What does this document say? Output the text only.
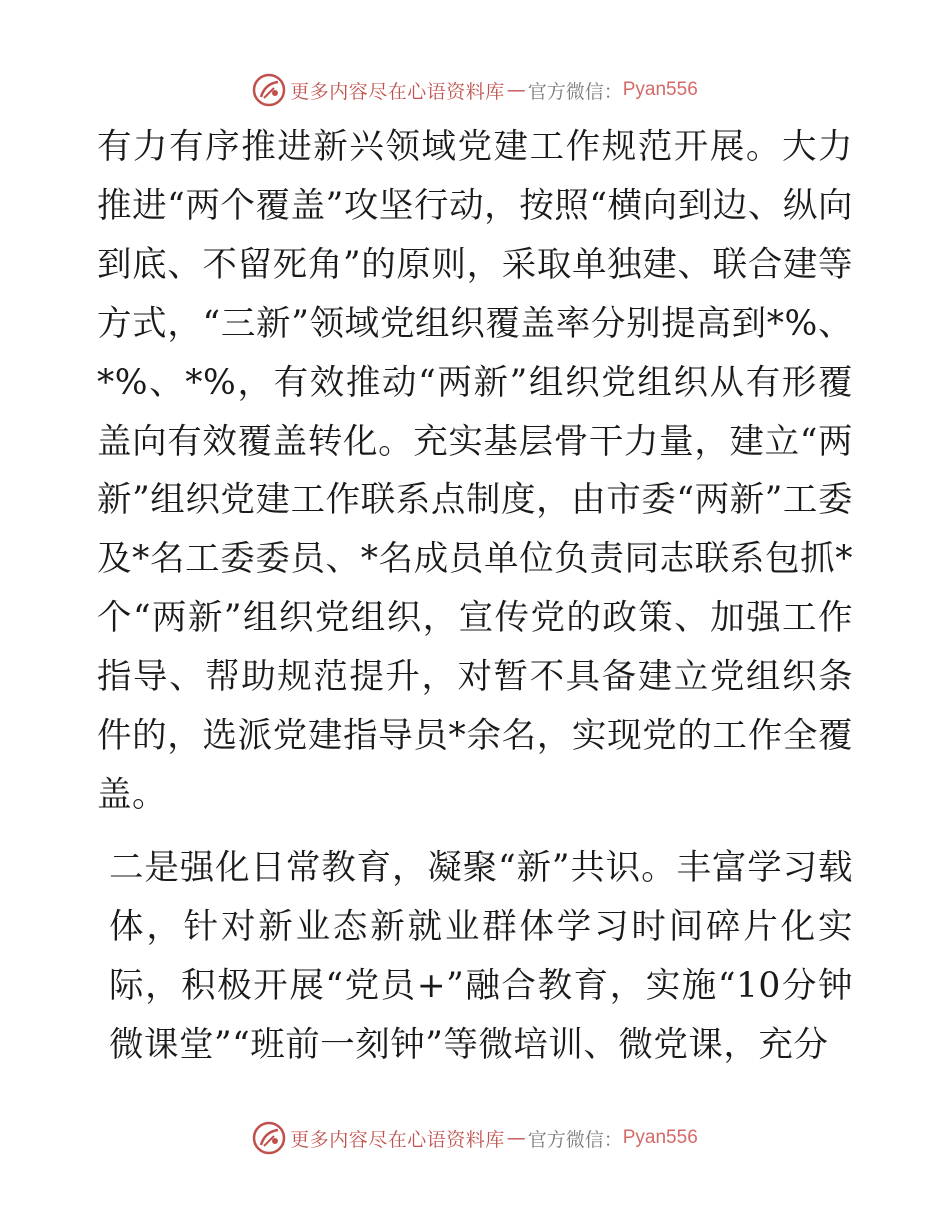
更多内容尽在心语资料库 — 官方微信： Pyan556

有力有序推进新兴领域党建工作规范开展。大力推进“两个覆盖”攻坚行动，按照“横向到边、纵向到底、不留死角”的原则，采取单独建、联合建等方式，“三新”领域党组织覆盖率分别提高到*%、*%、*%，有效推动“两新”组织党组织从有形覆盖向有效覆盖转化。充实基层骨干力量，建立“两新”组织党建工作联系点制度，由市委“两新”工委及*名工委委员、*名成员单位负责同志联系包抓*个“两新”组织党组织，宣传党的政策、加强工作指导、帮助规范提升，对暂不具备建立党组织条件的，选派党建指导员*余名，实现党的工作全覆盖。

二是强化日常教育，凝聚“新”共识。丰富学习载体，针对新业态新就业群体学习时间碎片化实际，积极开展“党员+”融合教育，实施“10分钟微课堂”“班前一刻钟”等微培训、微党课，充分

更多内容尽在心语资料库 — 官方微信： Pyan556
